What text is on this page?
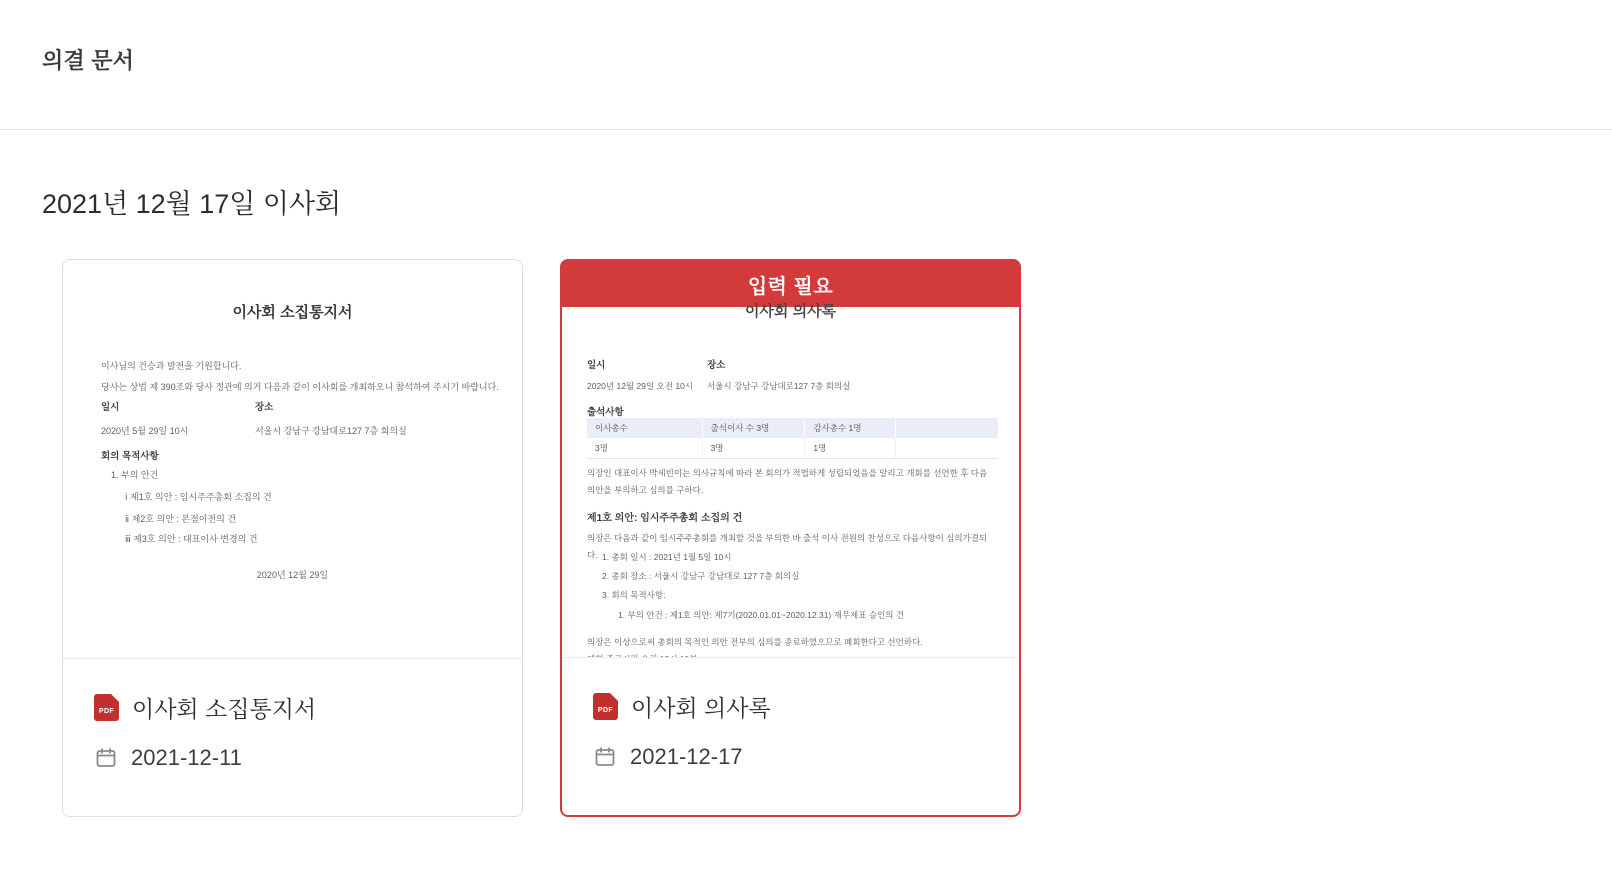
의결 문서
2021년 12월 17일 이사회
이사회 소집통지서
이사님의 건승과 발전을 기원합니다.
당사는 상법 제 390조와 당사 정관에 의거 다음과 같이 이사회를 개최하오니 참석하여 주시기 바랍니다.
일시	장소
2020년 5월 29일 10시	서울시 강남구 강남대로127 7층 회의실
회의 목적사항
1. 부의 안건
ⅰ 제1호 의안 : 임시주주총회 소집의 건
ⅱ 제2호 의안 : 본점이전의 건
ⅲ 제3호 의안 : 대표이사 변경의 건
2020년 12월 29일
PDF 이사회 소집통지서
2021-12-11
입력 필요
이사회 의사록
일시	장소
2020년 12월 29일 오전 10시 서울시 강남구 강남대로127 7층 회의실
출석사항
이사총수	출석이사 수 3명	감사총수 1명	
3명	3명	1명	
의장인 대표이사 박세빈이는 의사규칙에 따라 본 회의가 적법하게 성립되었음을 알리고 개회를 선언한 후 다음 의안을 부의하고 심의를 구하다.
제1호 의안: 임시주주총회 소집의 건
의장은 다음과 같이 임시주주총회를 개최할 것을 부의한 바 출석 이사 전원의 찬성으로 다음사항이 심의가결되다. 1. 총회 일시 : 2021년 1월 5일 10시
2. 총회 장소 : 서울시 강남구 강남대로 127 7층 회의실
3. 회의 목적사항:
1. 부의 안건 : 제1호 의안: 제7기(2020.01.01~2020.12.31) 재무제표 승인의 건
의장은 이상으로써 총회의 목적인 의안 전부의 심의를 종료하였으므로 폐회한다고 선언하다.
PDF 이사회 의사록
2021-12-17
